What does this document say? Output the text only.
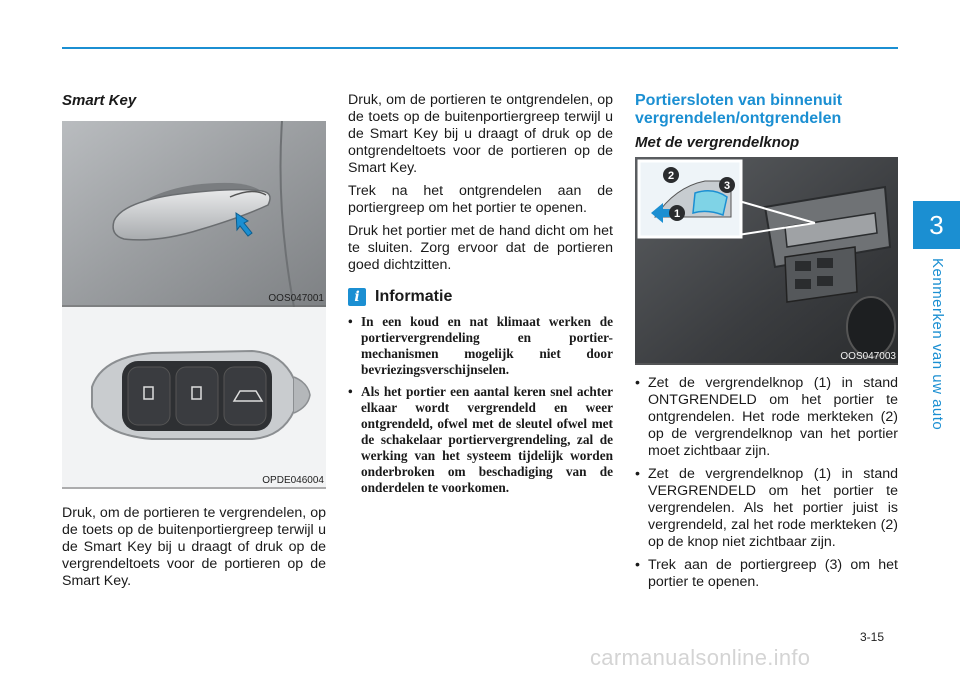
3
Kenmerken van uw auto
Smart Key
OOS047001
OPDE046004

Druk, om de portieren te vergrendelen, op de toets op de buitenportiergreep terwijl u de Smart Key bij u draagt of druk op de vergrendeltoets voor de portieren op de Smart Key.

Druk, om de portieren te ontgrendelen, op de toets op de buitenportiergreep terwijl u de Smart Key bij u draagt of druk op de ontgrendeltoets voor de portieren op de Smart Key.

Trek na het ontgrendelen aan de portiergreep om het portier te openen.

Druk het portier met de hand dicht om het te sluiten. Zorg ervoor dat de portieren goed dichtzitten.

i Informatie
• In een koud en nat klimaat werken de portiervergrendeling en portier-mechanismen mogelijk niet door bevriezingsverschijnselen.
• Als het portier een aantal keren snel achter elkaar wordt vergrendeld en weer ontgrendeld, ofwel met de sleutel ofwel met de schakelaar portiervergrendeling, zal de werking van het systeem tijdelijk worden onderbroken om beschadiging van de onderdelen te voorkomen.
Portiersloten van binnenuit vergrendelen/ontgrendelen
Met de vergrendelknop
1
2
3
OOS047003
• Zet de vergrendelknop (1) in stand ONTGRENDELD om het portier te ontgrendelen. Het rode merkteken (2) op de vergrendelknop van het portier moet zichtbaar zijn.
• Zet de vergrendelknop (1) in stand VERGRENDELD om het portier te vergrendelen. Als het portier juist is vergrendeld, zal het rode merkteken (2) op de knop niet zichtbaar zijn.
• Trek aan de portiergreep (3) om het portier te openen.
3-15
carmanualsonline.info
